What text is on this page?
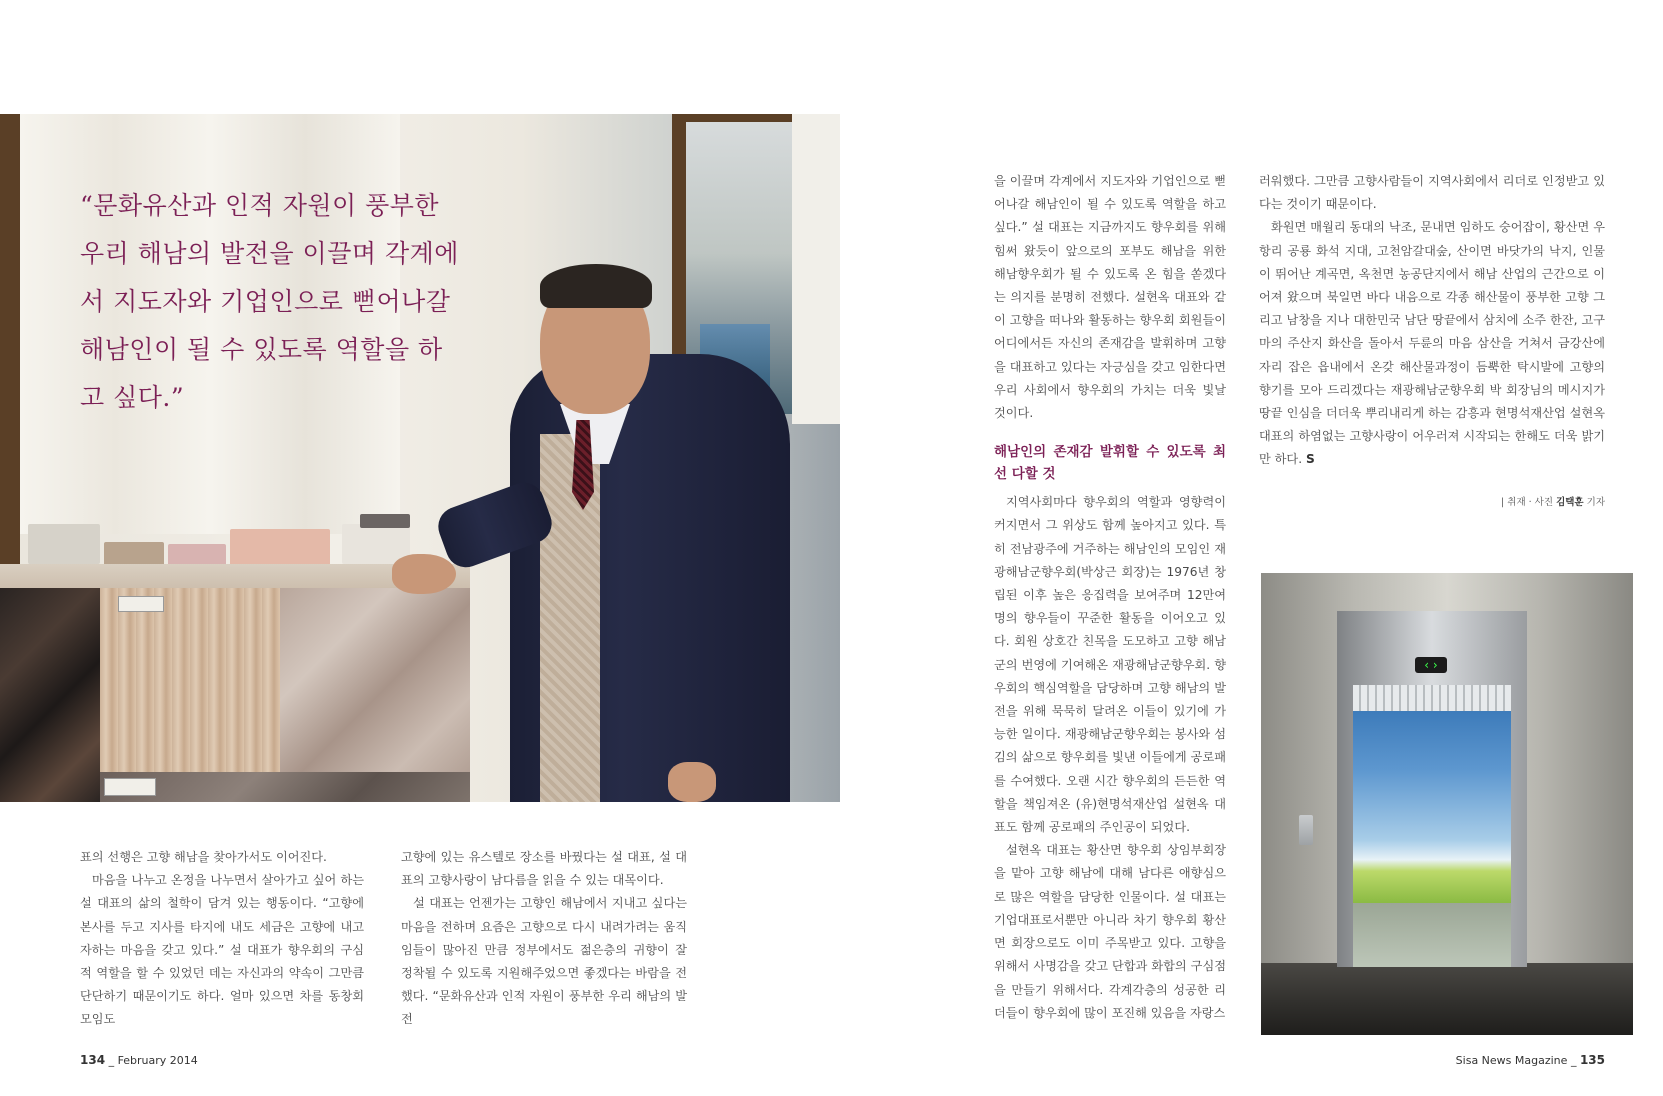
“문화유산과 인적 자원이 풍부한 우리 해남의 발전을 이끌며 각계에서 지도자와 기업인으로 뻗어나갈 해남인이 될 수 있도록 역할을 하고 싶다.”

표의 선행은 고향 해남을 찾아가서도 이어진다.

마음을 나누고 온정을 나누면서 살아가고 싶어 하는 설 대표의 삶의 철학이 담겨 있는 행동이다. “고향에 본사를 두고 지사를 타지에 내도 세금은 고향에 내고자하는 마음을 갖고 있다.” 설 대표가 향우회의 구심적 역할을 할 수 있었던 데는 자신과의 약속이 그만큼 단단하기 때문이기도 하다. 얼마 있으면 차를 동창회 모임도

고향에 있는 유스텔로 장소를 바꿨다는 설 대표, 설 대표의 고향사랑이 남다름을 읽을 수 있는 대목이다.

설 대표는 언젠가는 고향인 해남에서 지내고 싶다는 마음을 전하며 요즘은 고향으로 다시 내려가려는 움직임들이 많아진 만큼 정부에서도 젊은층의 귀향이 잘 정착될 수 있도록 지원해주었으면 좋겠다는 바람을 전했다. “문화유산과 인적 자원이 풍부한 우리 해남의 발전

134 _ February 2014

을 이끌며 각계에서 지도자와 기업인으로 뻗어나갈 해남인이 될 수 있도록 역할을 하고 싶다.” 설 대표는 지금까지도 향우회를 위해 힘써 왔듯이 앞으로의 포부도 해남을 위한 해남향우회가 될 수 있도록 온 힘을 쏟겠다는 의지를 분명히 전했다. 설현옥 대표와 같이 고향을 떠나와 활동하는 향우회 회원들이 어디에서든 자신의 존재감을 발휘하며 고향을 대표하고 있다는 자긍심을 갖고 임한다면 우리 사회에서 향우회의 가치는 더욱 빛날 것이다.

해남인의 존재감 발휘할 수 있도록 최선 다할 것

지역사회마다 향우회의 역할과 영향력이 커지면서 그 위상도 함께 높아지고 있다. 특히 전남광주에 거주하는 해남인의 모임인 재광해남군향우회(박상근 회장)는 1976년 창립된 이후 높은 응집력을 보여주며 12만여 명의 향우들이 꾸준한 활동을 이어오고 있다. 회원 상호간 친목을 도모하고 고향 해남군의 번영에 기여해온 재광해남군향우회. 향우회의 핵심역할을 담당하며 고향 해남의 발전을 위해 묵묵히 달려온 이들이 있기에 가능한 일이다. 재광해남군향우회는 봉사와 섬김의 삶으로 향우회를 빛낸 이들에게 공로패를 수여했다. 오랜 시간 향우회의 든든한 역할을 책임져온 (유)현명석재산업 설현옥 대표도 함께 공로패의 주인공이 되었다.

설현옥 대표는 황산면 향우회 상임부회장을 맡아 고향 해남에 대해 남다른 애향심으로 많은 역할을 담당한 인물이다. 설 대표는 기업대표로서뿐만 아니라 차기 향우회 황산면 회장으로도 이미 주목받고 있다. 고향을 위해서 사명감을 갖고 단합과 화합의 구심점을 만들기 위해서다. 각계각층의 성공한 리더들이 향우회에 많이 포진해 있음을 자랑스

러워했다. 그만큼 고향사람들이 지역사회에서 리더로 인정받고 있다는 것이기 때문이다.

화원면 매월리 동대의 낙조, 문내면 임하도 숭어잡이, 황산면 우항리 공룡 화석 지대, 고천암갈대숲, 산이면 바닷가의 낙지, 인물이 뛰어난 계곡면, 옥천면 농공단지에서 해남 산업의 근간으로 이어져 왔으며 북일면 바다 내음으로 각종 해산물이 풍부한 고향 그리고 남창을 지나 대한민국 남단 땅끝에서 삼치에 소주 한잔, 고구마의 주산지 화산을 돌아서 두륜의 마음 삼산을 거쳐서 금강산에 자리 잡은 읍내에서 온갖 해산물과정이 듬뿍한 탁시발에 고향의 향기를 모아 드리겠다는 재광해남군향우회 박 회장님의 메시지가 땅끝 인심을 더더욱 뿌리내리게 하는 감흥과 현명석재산업 설현옥 대표의 하염없는 고향사랑이 어우러져 시작되는 한해도 더욱 밝기만 하다. S

| 취재 · 사진 김택훈 기자
‹ ›
Sisa News Magazine _ 135
